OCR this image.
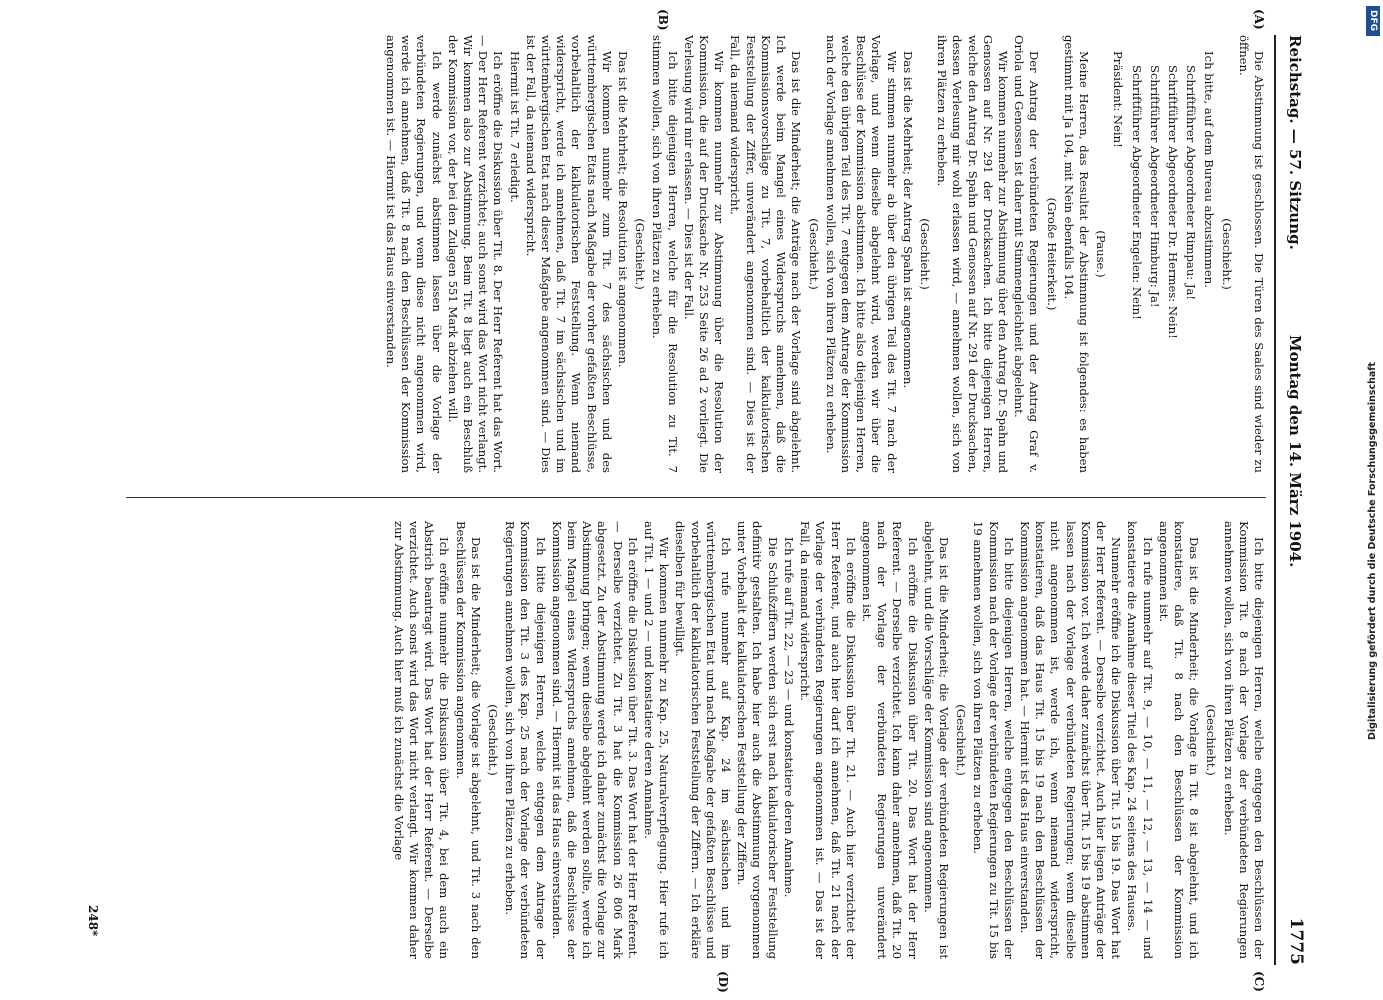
Reichstag. — 57. Sitzung.
Montag den 14. März 1904.
1775

Die Abstimmung ist geschlossen. Die Türen des Saales sind wieder zu öffnen.

(Geschieht.)

Ich bitte, auf dem Bureau abzustimmen.

Schriftführer Abgeordneter Rimpau: Ja!

Schriftführer Abgeordneter Dr. Hermes: Nein!

Schriftführer Abgeordneter Himburg: Ja!

Schriftführer Abgeordneter Engelen: Nein!

Präsident: Nein!

(Pause.)

Meine Herren, das Resultat der Abstimmung ist folgendes: es haben gestimmt mit Ja 104, mit Nein ebenfalls 104.

(Große Heiterkeit.)

Der Antrag der verbündeten Regierungen und der Antrag Graf v. Oriola und Genossen ist daher mit Stimmengleichheit abgelehnt.

Wir kommen nunmehr zur Abstimmung über den Antrag Dr. Spahn und Genossen auf Nr. 291 der Drucksachen. Ich bitte diejenigen Herren, welche den Antrag Dr. Spahn und Genossen auf Nr. 291 der Drucksachen, dessen Verlesung mir wohl erlassen wird, — annehmen wollen, sich von ihren Plätzen zu erheben.

(Geschieht.)

Das ist die Mehrheit; der Antrag Spahn ist angenommen.

Wir stimmen nunmehr ab über den übrigen Teil des Tit. 7 nach der Vorlage, und wenn dieselbe abgelehnt wird, werden wir über die Beschlüsse der Kommission abstimmen. Ich bitte also diejenigen Herren, welche den übrigen Teil des Tit. 7 entgegen dem Antrage der Kommission nach der Vorlage annehmen wollen, sich von ihren Plätzen zu erheben.

(Geschieht.)

Das ist die Minderheit; die Anträge nach der Vorlage sind abgelehnt. Ich werde beim Mangel eines Widerspruchs annehmen, daß die Kommissionsvorschläge zu Tit. 7, vorbehaltlich der kalkulatorischen Feststellung der Ziffer, unverändert angenommen sind. — Dies ist der Fall, da niemand widerspricht.

Wir kommen nunmehr zur Abstimmung über die Resolution der Kommission, die auf der Drucksache Nr. 253 Seite 26 ad 2 vorliegt. Die Verlesung wird mir erlassen. — Dies ist der Fall.

Ich bitte diejenigen Herren, welche für die Resolution zu Tit. 7 stimmen wollen, sich von ihren Plätzen zu erheben.

(Geschieht.)

Das ist die Mehrheit; die Resolution ist angenommen.

Wir kommen nunmehr zum Tit. 7 des sächsischen und des württembergischen Etats nach Maßgabe der vorher gefaßten Beschlüsse, vorbehaltlich der kalkulatorischen Feststellung. Wenn niemand widerspricht, werde ich annehmen, daß Tit. 7 im sächsischen und im württembergischen Etat nach dieser Maßgabe angenommen sind. — Dies ist der Fall, da niemand widerspricht.

Hiermit ist Tit. 7 erledigt.

Ich eröffne die Diskussion über Tit. 8. Der Herr Referent hat das Wort. — Der Herr Referent verzichtet; auch sonst wird das Wort nicht verlangt. Wir kommen also zur Abstimmung. Beim Tit. 8 liegt auch ein Beschluß der Kommission vor, der bei den Zulagen 551 Mark abziehen will.

Ich werde zunächst abstimmen lassen über die Vorlage der verbündeten Regierungen, und wenn diese nicht angenommen wird, werde ich annehmen, daß Tit. 8 nach den Beschlüssen der Kommission angenommen ist. — Hiermit ist das Haus einverstanden.

Ich bitte diejenigen Herren, welche entgegen den Beschlüssen der Kommission Tit. 8 nach der Vorlage der verbündeten Regierungen annehmen wollen, sich von ihren Plätzen zu erheben.

(Geschieht.)

Das ist die Minderheit; die Vorlage in Tit. 8 ist abgelehnt, und ich konstatiere, daß Tit. 8 nach den Beschlüssen der Kommission angenommen ist.

Ich rufe nunmehr auf Tit. 9, — 10, — 11, — 12, — 13, — 14 — und konstatiere die Annahme dieser Titel des Kap. 24 seitens des Hauses.

Nunmehr eröffne ich die Diskussion über Tit. 15 bis 19. Das Wort hat der Herr Referent. — Derselbe verzichtet. Auch hier liegen Anträge der Kommission vor. Ich werde daher zunächst über Tit. 15 bis 19 abstimmen lassen nach der Vorlage der verbündeten Regierungen; wenn dieselbe nicht angenommen ist, werde ich, wenn niemand widerspricht, konstatieren, daß das Haus Tit. 15 bis 19 nach den Beschlüssen der Kommission angenommen hat. — Hiermit ist das Haus einverstanden.

Ich bitte diejenigen Herren, welche entgegen den Beschlüssen der Kommission nach der Vorlage der verbündeten Regierungen zu Tit. 15 bis 19 annehmen wollen, sich von ihren Plätzen zu erheben.

(Geschieht.)

Das ist die Minderheit; die Vorlage der verbündeten Regierungen ist abgelehnt, und die Vorschläge der Kommission sind angenommen.

Ich eröffne die Diskussion über Tit. 20. Das Wort hat der Herr Referent. — Derselbe verzichtet. Ich kann daher annehmen, daß Tit. 20 nach der Vorlage der verbündeten Regierungen unverändert angenommen ist.

Ich eröffne die Diskussion über Tit. 21. — Auch hier verzichtet der Herr Referent, und auch hier darf ich annehmen, daß Tit. 21 nach der Vorlage der verbündeten Regierungen angenommen ist. — Das ist der Fall, da niemand widerspricht.

Ich rufe auf Tit. 22, — 23 — und konstatiere deren Annahme.

Die Schlußziffern werden sich erst nach kalkulatorischer Feststellung definitiv gestalten. Ich habe hier auch die Abstimmung vorgenommen unter Vorbehalt der kalkulatorischen Feststellung der Ziffern.

Ich rufe nunmehr auf Kap. 24 im sächsischen und im württembergischen Etat und nach Maßgabe der gefaßten Beschlüsse und vorbehaltlich der kalkulatorischen Feststellung der Ziffern. — Ich erkläre dieselben für bewilligt.

Wir kommen nunmehr zu Kap. 25, Naturalverpflegung. Hier rufe ich auf Tit. 1 — und 2 — und konstatiere deren Annahme.

Ich eröffne die Diskussion über Tit. 3. Das Wort hat der Herr Referent. — Derselbe verzichtet. Zu Tit. 3 hat die Kommission 26 806 Mark abgesetzt. Zu der Abstimmung werde ich daher zunächst die Vorlage zur Abstimmung bringen; wenn dieselbe abgelehnt werden sollte, werde ich beim Mangel eines Widerspruchs annehmen, daß die Beschlüsse der Kommission angenommen sind. — Hiermit ist das Haus einverstanden.

Ich bitte diejenigen Herren, welche entgegen dem Antrage der Kommission den Tit. 3 des Kap. 25 nach der Vorlage der verbündeten Regierungen annehmen wollen, sich von ihren Plätzen zu erheben.

(Geschieht.)

Das ist die Minderheit; die Vorlage ist abgelehnt, und Tit. 3 nach den Beschlüssen der Kommission angenommen.

Ich eröffne nunmehr die Diskussion über Tit. 4, bei dem auch ein Abstrich beantragt wird. Das Wort hat der Herr Referent. — Derselbe verzichtet. Auch sonst wird das Wort nicht verlangt. Wir kommen daher zur Abstimmung. Auch hier muß ich zunächst die Vorlage

(A)
(B)
(C)
(D)
248*
DFG
Digitalisierung gefördert durch die Deutsche Forschungsgemeinschaft
